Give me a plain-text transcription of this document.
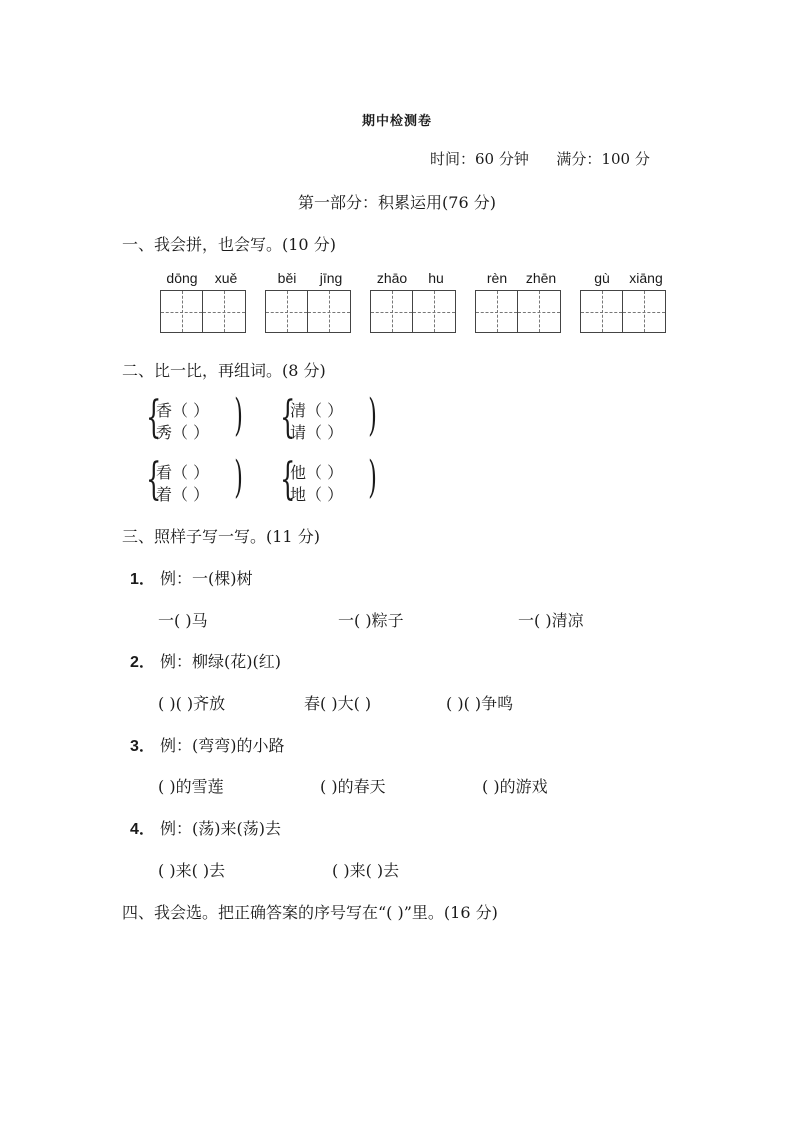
期中检测卷
时间：60 分钟 满分：100 分
第一部分：积累运用(76 分)
一、我会拼，也会写。(10 分)
dōng	xuě	běi	jīng	zhāo	hu	rèn	zhēn	gù	xiāng
二、比一比，再组词。(8 分)
{
香（ ）
秀（ ） ) {
清（ ）
请（ ） )
{
看（ ）
着（ ） ) {
他（ ）
地（ ） )
三、照样子写一写。(11 分)
1． 例：一(棵)树
一( )马	一( )粽子	一( )清凉
2． 例：柳绿(花)(红)
( )( )齐放	春( )大( )	( )( )争鸣
3． 例：(弯弯)的小路
( )的雪莲	( )的春天	( )的游戏
4． 例：(荡)来(荡)去
( )来( )去	( )来( )去
四、我会选。把正确答案的序号写在“( )”里。(16 分)
